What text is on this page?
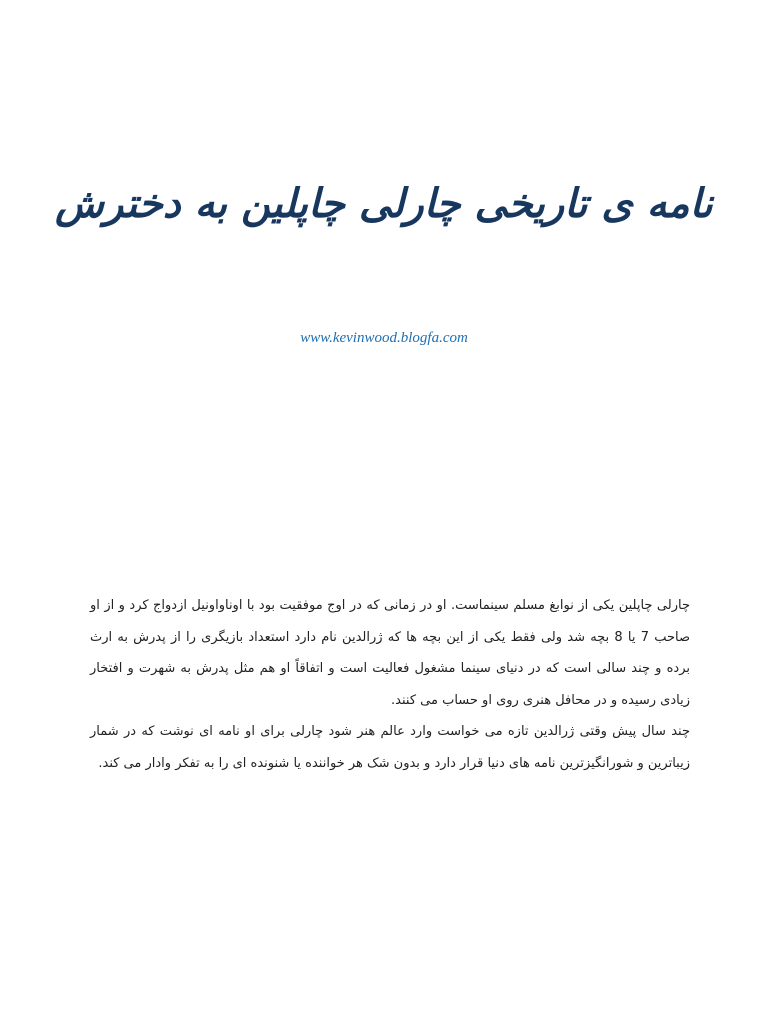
نامه ی تاریخی چارلی چاپلین به دخترش
www.kevinwood.blogfa.com

چارلی چاپلین یکی از نوابغ مسلم سینماست. او در زمانی که در اوج موفقیت بود با اوناواونیل ازدواج کرد و از او صاحب 7 یا 8 بچه شد ولی فقط یکی از این بچه ها که ژرالدین نام دارد استعداد بازیگری را از پدرش به ارث برده و چند سالی است که در دنیای سینما مشغول فعالیت است و اتفاقاً او هم مثل پدرش به شهرت و افتخار زیادی رسیده و در محافل هنری روی او حساب می کنند.

چند سال پیش وقتی ژرالدین تازه می خواست وارد عالم هنر شود چارلی برای او نامه ای نوشت که در شمار زیباترین و شورانگیزترین نامه های دنیا قرار دارد و بدون شک هر خواننده یا شنونده ای را به تفکر وادار می کند.
